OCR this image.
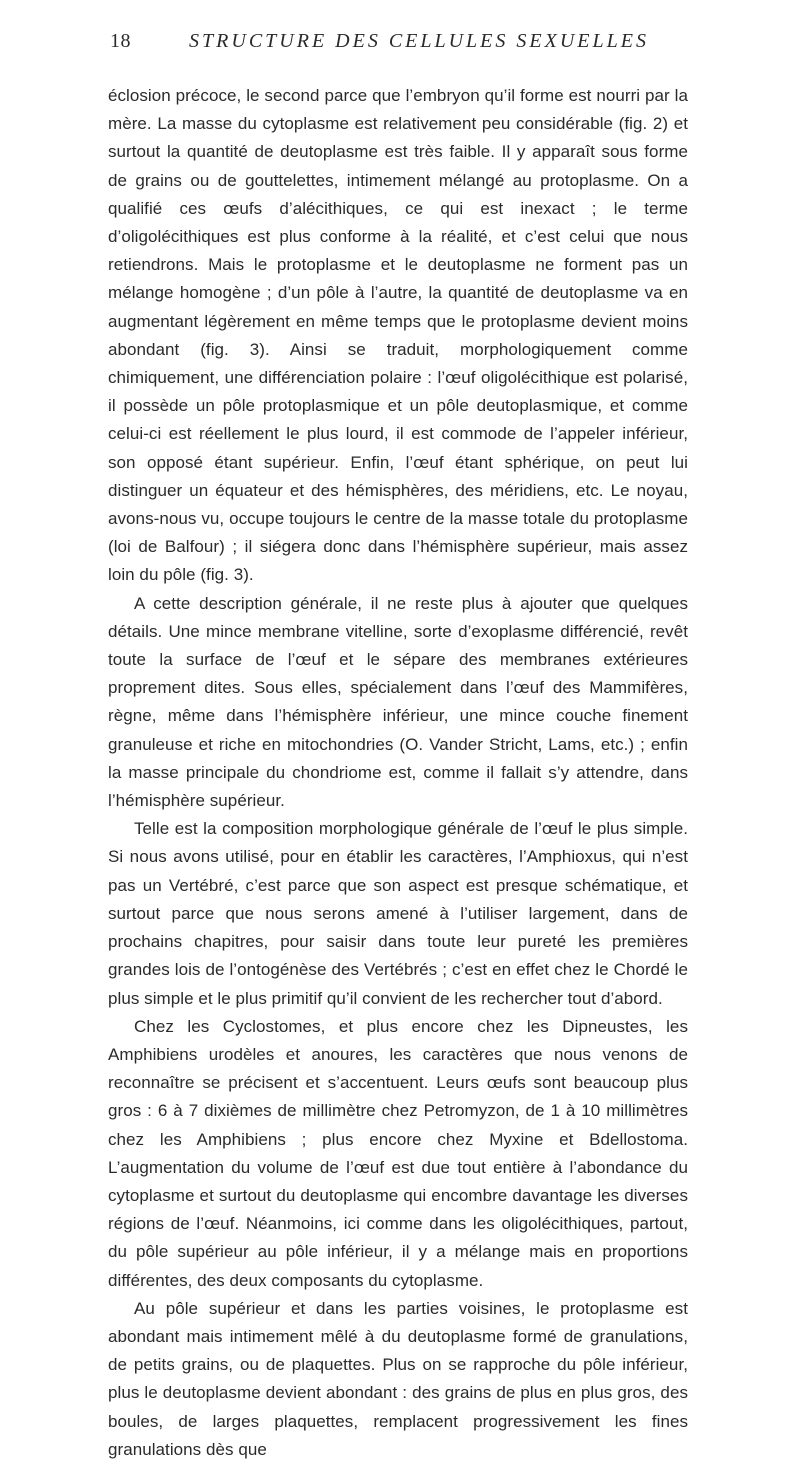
18	STRUCTURE DES CELLULES SEXUELLES

éclosion précoce, le second parce que l’embryon qu’il forme est nourri par la mère. La masse du cytoplasme est relativement peu considérable (fig. 2) et surtout la quantité de deutoplasme est très faible. Il y apparaît sous forme de grains ou de gouttelettes, intimement mélangé au protoplasme. On a qualifié ces œufs d’alécithiques, ce qui est inexact ; le terme d’oligolécithiques est plus conforme à la réalité, et c’est celui que nous retiendrons. Mais le protoplasme et le deutoplasme ne forment pas un mélange homogène ; d’un pôle à l’autre, la quantité de deutoplasme va en augmentant légèrement en même temps que le protoplasme devient moins abondant (fig. 3). Ainsi se traduit, morphologiquement comme chimiquement, une différenciation polaire : l’œuf oligolécithique est polarisé, il possède un pôle protoplasmique et un pôle deutoplasmique, et comme celui-ci est réellement le plus lourd, il est commode de l’appeler inférieur, son opposé étant supérieur. Enfin, l’œuf étant sphérique, on peut lui distinguer un équateur et des hémisphères, des méridiens, etc. Le noyau, avons-nous vu, occupe toujours le centre de la masse totale du protoplasme (loi de Balfour) ; il siégera donc dans l’hémisphère supérieur, mais assez loin du pôle (fig. 3).

A cette description générale, il ne reste plus à ajouter que quelques détails. Une mince membrane vitelline, sorte d’exoplasme différencié, revêt toute la surface de l’œuf et le sépare des membranes extérieures proprement dites. Sous elles, spécialement dans l’œuf des Mammifères, règne, même dans l’hémisphère inférieur, une mince couche finement granuleuse et riche en mitochondries (O. Vander Stricht, Lams, etc.) ; enfin la masse principale du chondriome est, comme il fallait s’y attendre, dans l’hémisphère supérieur.

Telle est la composition morphologique générale de l’œuf le plus simple. Si nous avons utilisé, pour en établir les caractères, l’Amphioxus, qui n’est pas un Vertébré, c’est parce que son aspect est presque schématique, et surtout parce que nous serons amené à l’utiliser largement, dans de prochains chapitres, pour saisir dans toute leur pureté les premières grandes lois de l’ontogénèse des Vertébrés ; c’est en effet chez le Chordé le plus simple et le plus primitif qu’il convient de les rechercher tout d’abord.

Chez les Cyclostomes, et plus encore chez les Dipneustes, les Amphibiens urodèles et anoures, les caractères que nous venons de reconnaître se précisent et s’accentuent. Leurs œufs sont beaucoup plus gros : 6 à 7 dixièmes de millimètre chez Petromyzon, de 1 à 10 millimètres chez les Amphibiens ; plus encore chez Myxine et Bdellostoma. L’augmentation du volume de l’œuf est due tout entière à l’abondance du cytoplasme et surtout du deutoplasme qui encombre davantage les diverses régions de l’œuf. Néanmoins, ici comme dans les oligolécithiques, partout, du pôle supérieur au pôle inférieur, il y a mélange mais en proportions différentes, des deux composants du cytoplasme.

Au pôle supérieur et dans les parties voisines, le protoplasme est abondant mais intimement mêlé à du deutoplasme formé de granulations, de petits grains, ou de plaquettes. Plus on se rapproche du pôle inférieur, plus le deutoplasme devient abondant : des grains de plus en plus gros, des boules, de larges plaquettes, remplacent progressivement les fines granulations dès que
